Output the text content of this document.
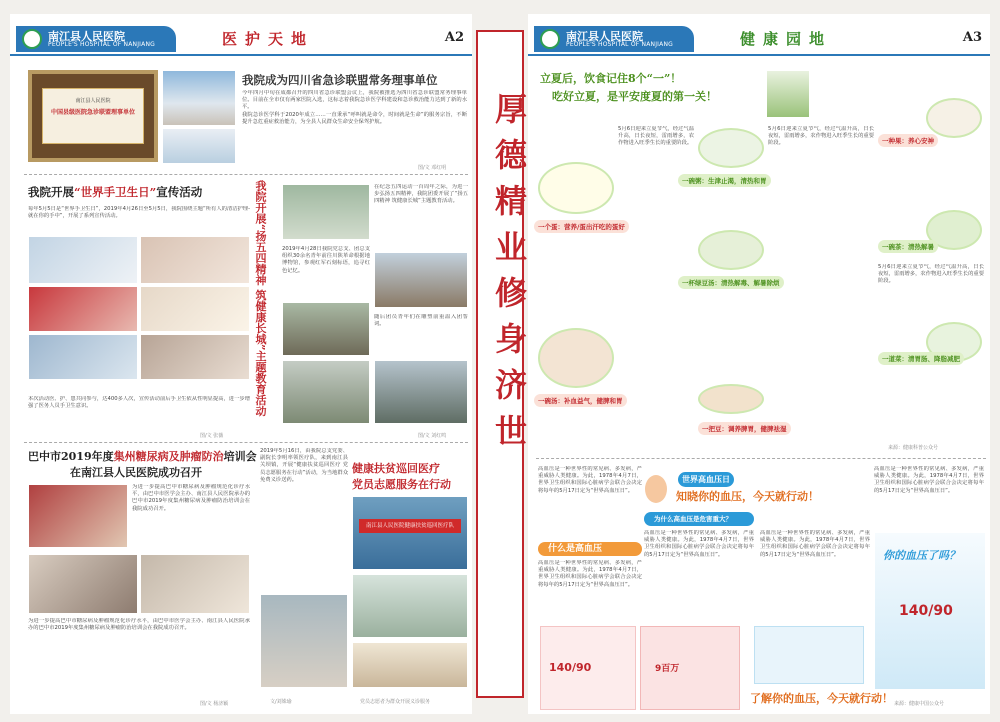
南江县人民医院
PEOPLE'S HOSPITAL OF NANJIANG	医护天地	A2
南江县人民医院
中国县级医院急诊联盟理事单位
我院成为四川省急诊联盟常务理事单位
今年四月中旬在成都召开的四川省急诊联盟会议上，我院被推选为四川省急诊联盟常务理事单位。目前在全市仅有两家医院入选，这标志着我院急诊医学科建设和急诊救治能力达到了新的水平。
我院急诊医学科于2020年成立……一直秉承“呼叫就是命令，时间就是生命”的服务宗旨，不断提升急危重症救治能力，为全县人民群众生命安全保驾护航。
图/文 邓红明
我院开展“世界手卫生日”宣传活动
每年5月5日是“世界手卫生日”，2019年4月26日至5月5日，我院围绕主题“所有人的清洁护理-就在你的手中”，开展了系列宣传活动。
本次活动医、护、患共同参与，达400多人次，宣传活动前后手卫生依从性明显提高，进一步增强了医务人员手卫生意识。
图/文 张薇
我院开展“扬五四精神 筑健康长城”主题教育活动	在纪念五四运动一百周年之际，为进一步弘扬五四精神，我院团委开展了“扬五四精神 筑健康长城”主题教育活动。
2019年4月28日我院党总支、团总支组织30余名青年前往川陕革命根据地博物馆，参观红军石刻标语，追寻红色记忆。
随后团员青年们在雕塑前重温入团誓词。
图/文 刘红鸣
巴中市2019年度集州糖尿病及肿瘤防治培训会
在南江县人民医院成功召开
为进一步提高巴中市糖尿病及肿瘤规范化诊疗水平，由巴中市医学会主办、南江县人民医院承办的巴中市2019年度集州糖尿病及肿瘤防治培训会在我院成功召开。
为进一步提高巴中市糖尿病及肿瘤规范化诊疗水平，由巴中市医学会主办、南江县人民医院承办的巴中市2019年度集州糖尿病及肿瘤防治培训会在我院成功召开。
图/文 杨济颖
2019年5月16日，由我院总支党委、副院长李明率领医疗队，来到南江县关坝镇，开展“健康扶贫巡回医疗 党员志愿服务在行动”活动，为当地群众免费义诊送药。
健康扶贫巡回医疗
党员志愿服务在行动
南江县人民医院健康扶贫巡回医疗队
文/刘姝瑜	党员志愿者为群众开展义诊服务
厚德精业修身济世
南江县人民医院
PEOPLE'S HOSPITAL OF NANJIANG	健康园地	A3
立夏后，饮食记住8个“一”！
吃好立夏，是平安度夏的第一关！
一个蛋：营养/蛋出汗吃的蛋好
一碗汤：补血益气，健脾和胃
一碗粥：生津止渴，清热和胃
一杯绿豆汤：清热解毒、解暑除烦
一把豆：调养脾胃，健脾祛湿
一种果：养心安神
一碗茶：清热解暑
一道菜：清胃肠、降脂减肥
5月6日迎来立夏节气，经过气温升高，日长夜短，雷雨增多，农作物进入旺季生长的重要阶段。
5月6日迎来立夏节气，经过气温升高，日长夜短，雷雨增多，农作物进入旺季生长的重要阶段。
5月6日迎来立夏节气，经过气温升高，日长夜短，雷雨增多，农作物进入旺季生长的重要阶段。
来源：健康科普公众号
高血压是一种世界性的常见病、多发病，严重威胁人类健康。为此，1978年4月7日，世界卫生组织和国际心脏病学会联合会决定将每年的5月17日定为“世界高血压日”。
什么是高血压
高血压是一种世界性的常见病、多发病，严重威胁人类健康。为此，1978年4月7日，世界卫生组织和国际心脏病学会联合会决定将每年的5月17日定为“世界高血压日”。
世界高血压日
知晓你的血压，今天就行动！
为什么高血压是危害重大？
高血压是一种世界性的常见病、多发病，严重威胁人类健康。为此，1978年4月7日，世界卫生组织和国际心脏病学会联合会决定将每年的5月17日定为“世界高血压日”。
高血压是一种世界性的常见病、多发病，严重威胁人类健康。为此，1978年4月7日，世界卫生组织和国际心脏病学会联合会决定将每年的5月17日定为“世界高血压日”。
140/90	9百万
了解你的血压，今天就行动！
高血压是一种世界性的常见病、多发病，严重威胁人类健康。为此，1978年4月7日，世界卫生组织和国际心脏病学会联合会决定将每年的5月17日定为“世界高血压日”。
你的血压了吗？
140/90
来源：健康中国公众号
